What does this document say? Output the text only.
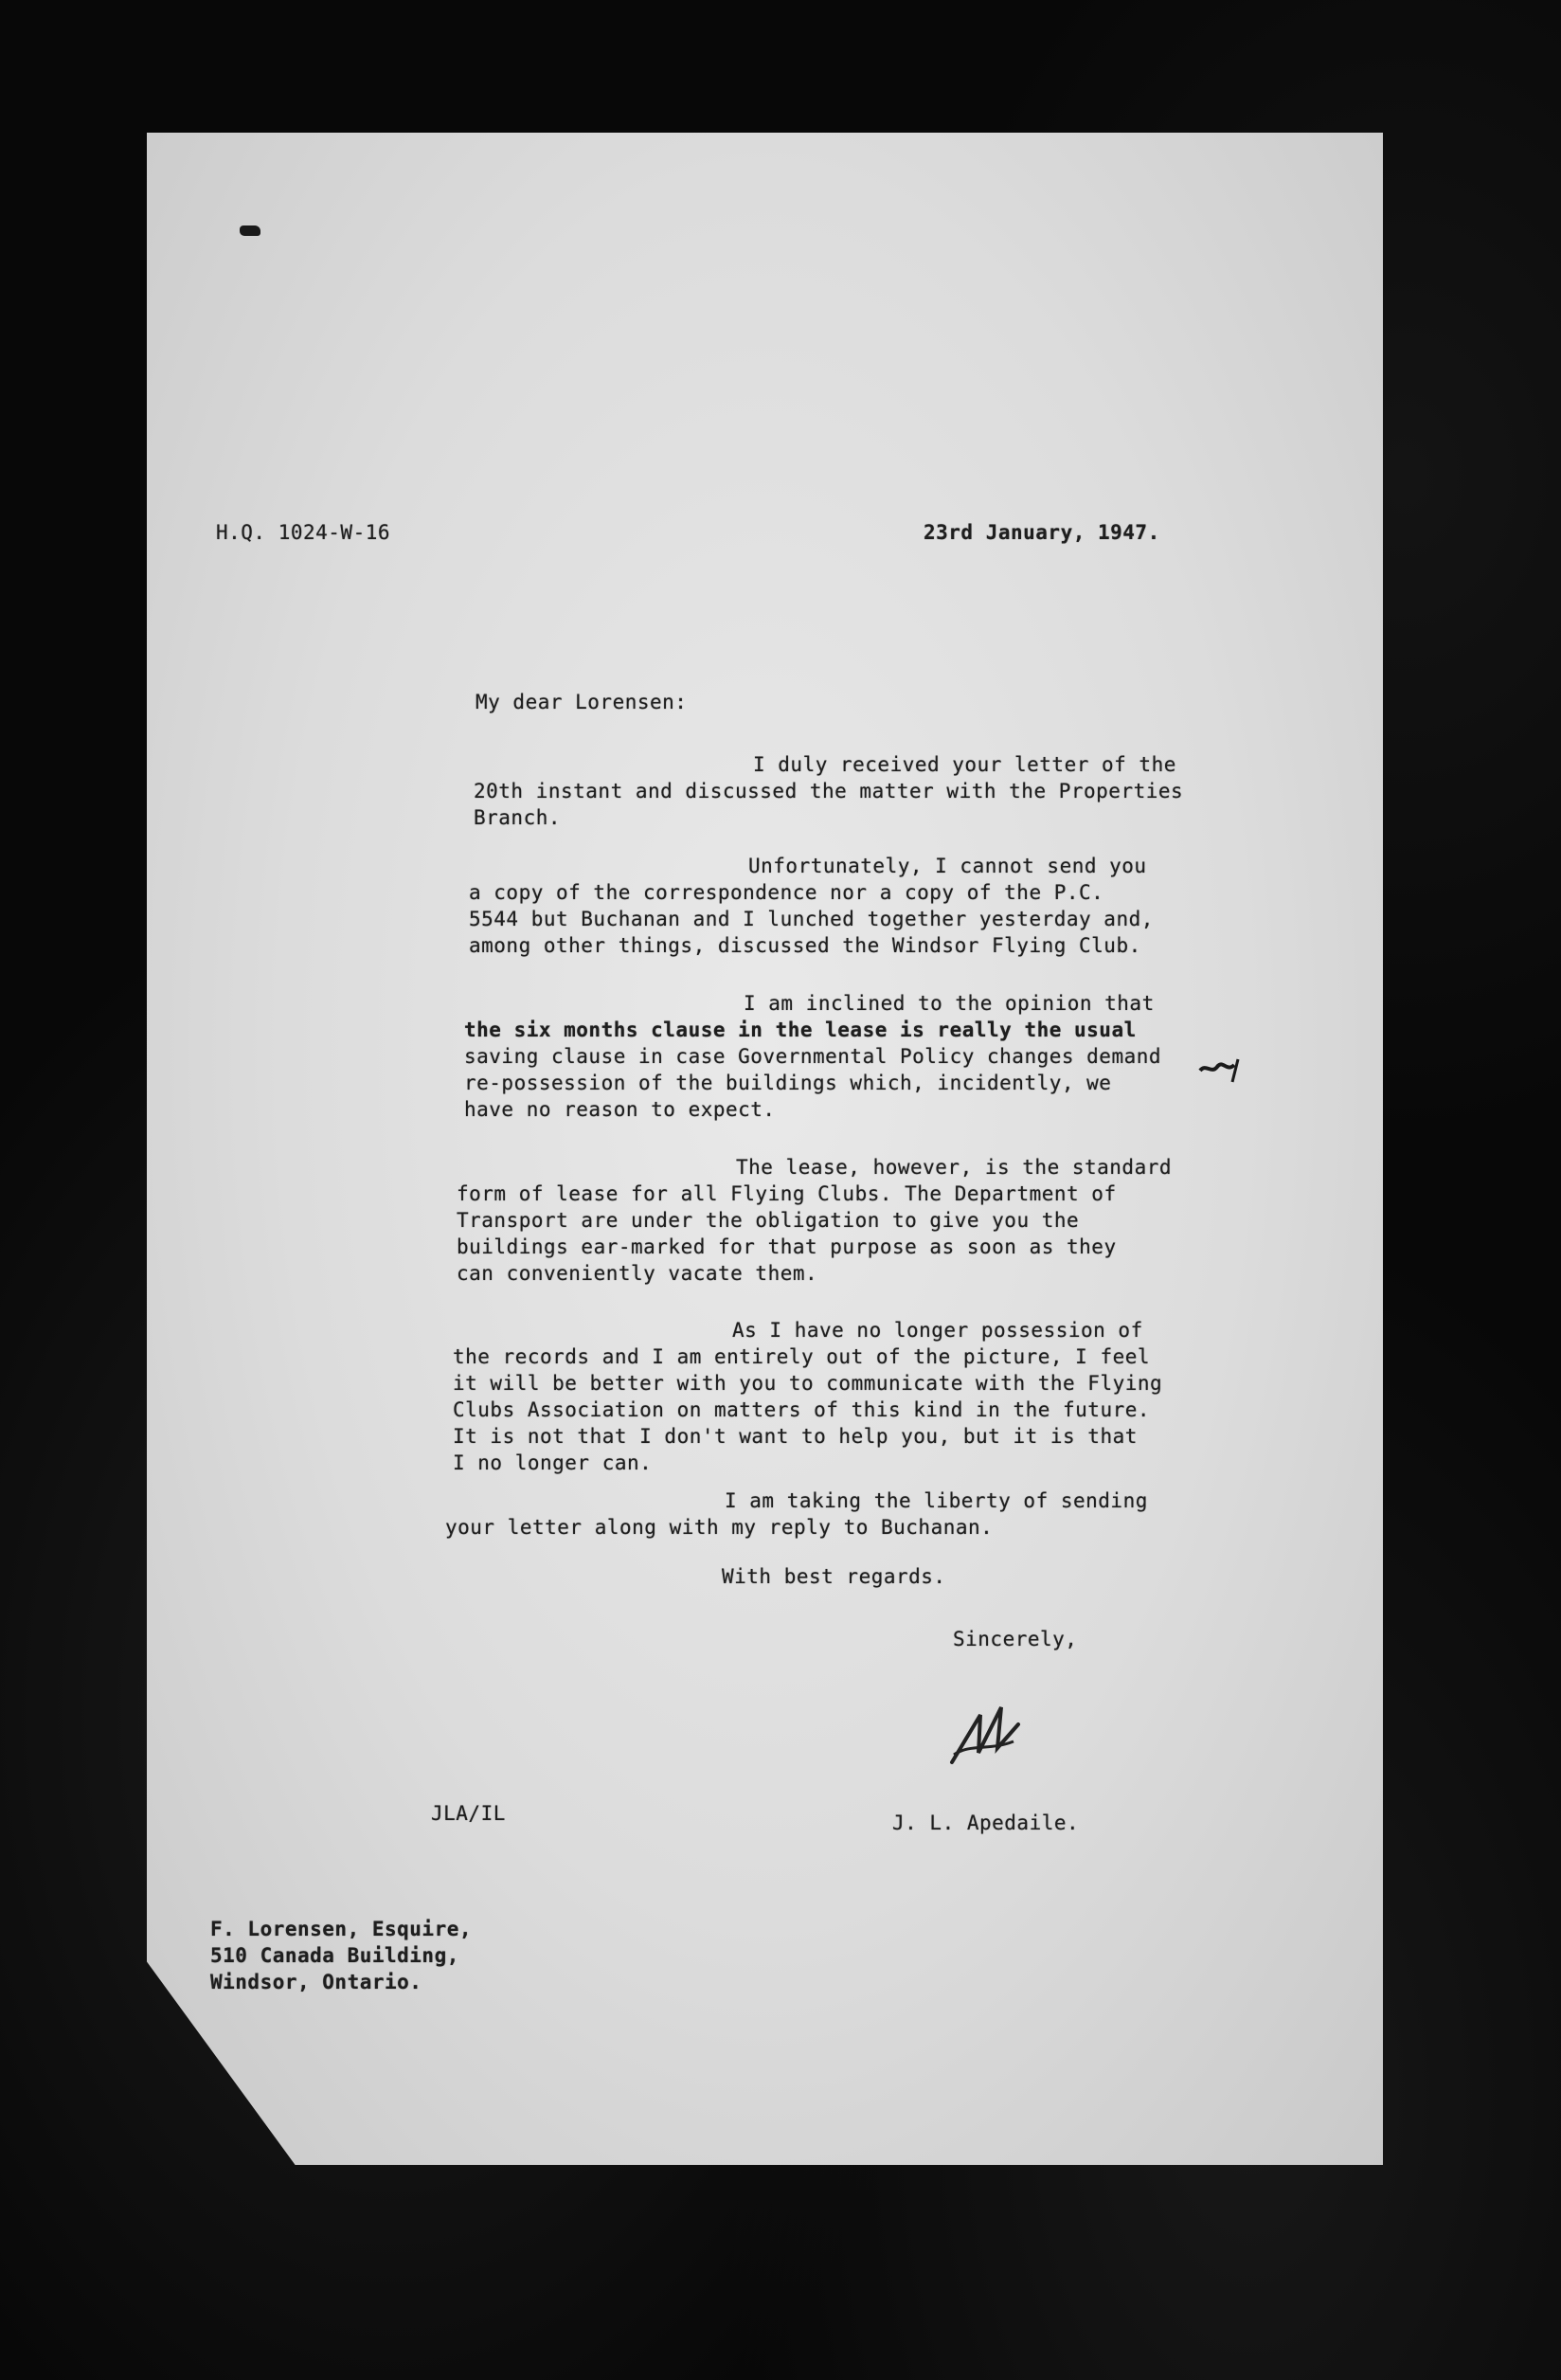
H.Q. 1024-W-16	23rd January, 1947.
My dear Lorensen:
I duly received your letter of the
20th instant and discussed the matter with the Properties
Branch.
Unfortunately, I cannot send you
a copy of the correspondence nor a copy of the P.C.
5544 but Buchanan and I lunched together yesterday and,
among other things, discussed the Windsor Flying Club.
I am inclined to the opinion that
the six months clause in the lease is really the usual
saving clause in case Governmental Policy changes demand
re-possession of the buildings which, incidently, we
have no reason to expect.
The lease, however, is the standard
form of lease for all Flying Clubs. The Department of
Transport are under the obligation to give you the
buildings ear-marked for that purpose as soon as they
can conveniently vacate them.
As I have no longer possession of
the records and I am entirely out of the picture, I feel
it will be better with you to communicate with the Flying
Clubs Association on matters of this kind in the future.
It is not that I don't want to help you, but it is that
I no longer can.
I am taking the liberty of sending
your letter along with my reply to Buchanan.
With best regards.
Sincerely,
JLA/IL	J. L. Apedaile.
F. Lorensen, Esquire,
510 Canada Building,
Windsor, Ontario.
